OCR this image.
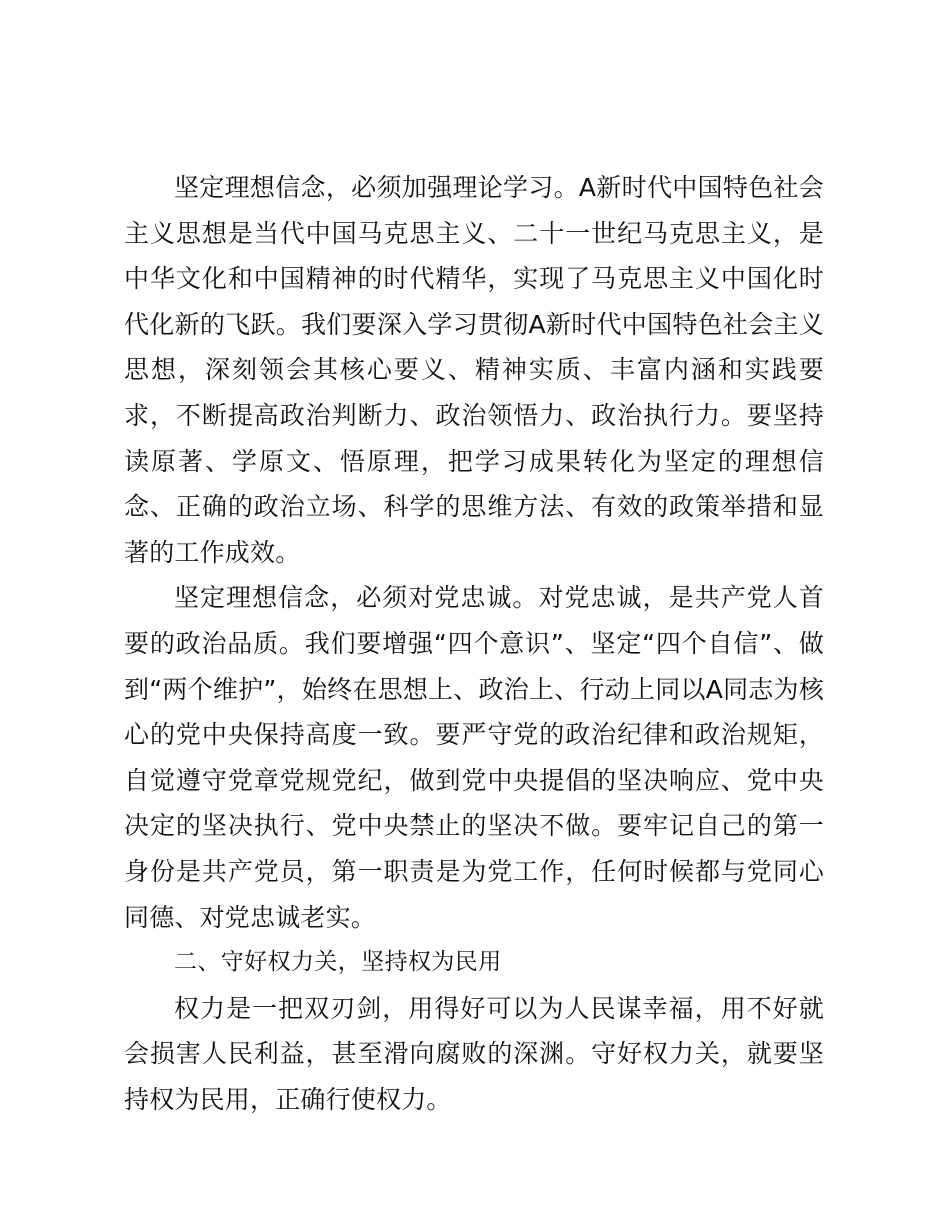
坚定理想信念，必须加强理论学习。A新时代中国特色社会主义思想是当代中国马克思主义、二十一世纪马克思主义，是中华文化和中国精神的时代精华，实现了马克思主义中国化时代化新的飞跃。我们要深入学习贯彻A新时代中国特色社会主义思想，深刻领会其核心要义、精神实质、丰富内涵和实践要求，不断提高政治判断力、政治领悟力、政治执行力。要坚持读原著、学原文、悟原理，把学习成果转化为坚定的理想信念、正确的政治立场、科学的思维方法、有效的政策举措和显著的工作成效。

坚定理想信念，必须对党忠诚。对党忠诚，是共产党人首要的政治品质。我们要增强“四个意识”、坚定“四个自信”、做到“两个维护”，始终在思想上、政治上、行动上同以A同志为核心的党中央保持高度一致。要严守党的政治纪律和政治规矩，自觉遵守党章党规党纪，做到党中央提倡的坚决响应、党中央决定的坚决执行、党中央禁止的坚决不做。要牢记自己的第一身份是共产党员，第一职责是为党工作，任何时候都与党同心同德、对党忠诚老实。

二、守好权力关，坚持权为民用

权力是一把双刃剑，用得好可以为人民谋幸福，用不好就会损害人民利益，甚至滑向腐败的深渊。守好权力关，就要坚持权为民用，正确行使权力。
